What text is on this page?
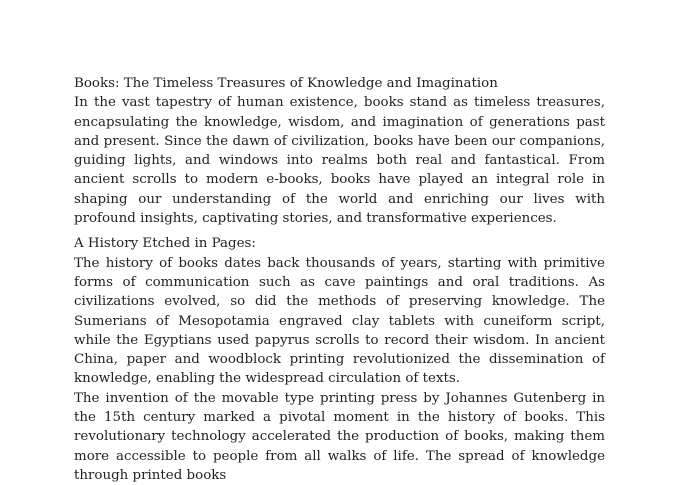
Books: The Timeless Treasures of Knowledge and Imagination

In the vast tapestry of human existence, books stand as timeless treasures, encapsulating the knowledge, wisdom, and imagination of generations past and present. Since the dawn of civilization, books have been our companions, guiding lights, and windows into realms both real and fantastical. From ancient scrolls to modern e-books, books have played an integral role in shaping our understanding of the world and enriching our lives with profound insights, captivating stories, and transformative experiences.

A History Etched in Pages:

The history of books dates back thousands of years, starting with primitive forms of communication such as cave paintings and oral traditions. As civilizations evolved, so did the methods of preserving knowledge. The Sumerians of Mesopotamia engraved clay tablets with cuneiform script, while the Egyptians used papyrus scrolls to record their wisdom. In ancient China, paper and woodblock printing revolutionized the dissemination of knowledge, enabling the widespread circulation of texts.

The invention of the movable type printing press by Johannes Gutenberg in the 15th century marked a pivotal moment in the history of books. This revolutionary technology accelerated the production of books, making them more accessible to people from all walks of life. The spread of knowledge through printed books
